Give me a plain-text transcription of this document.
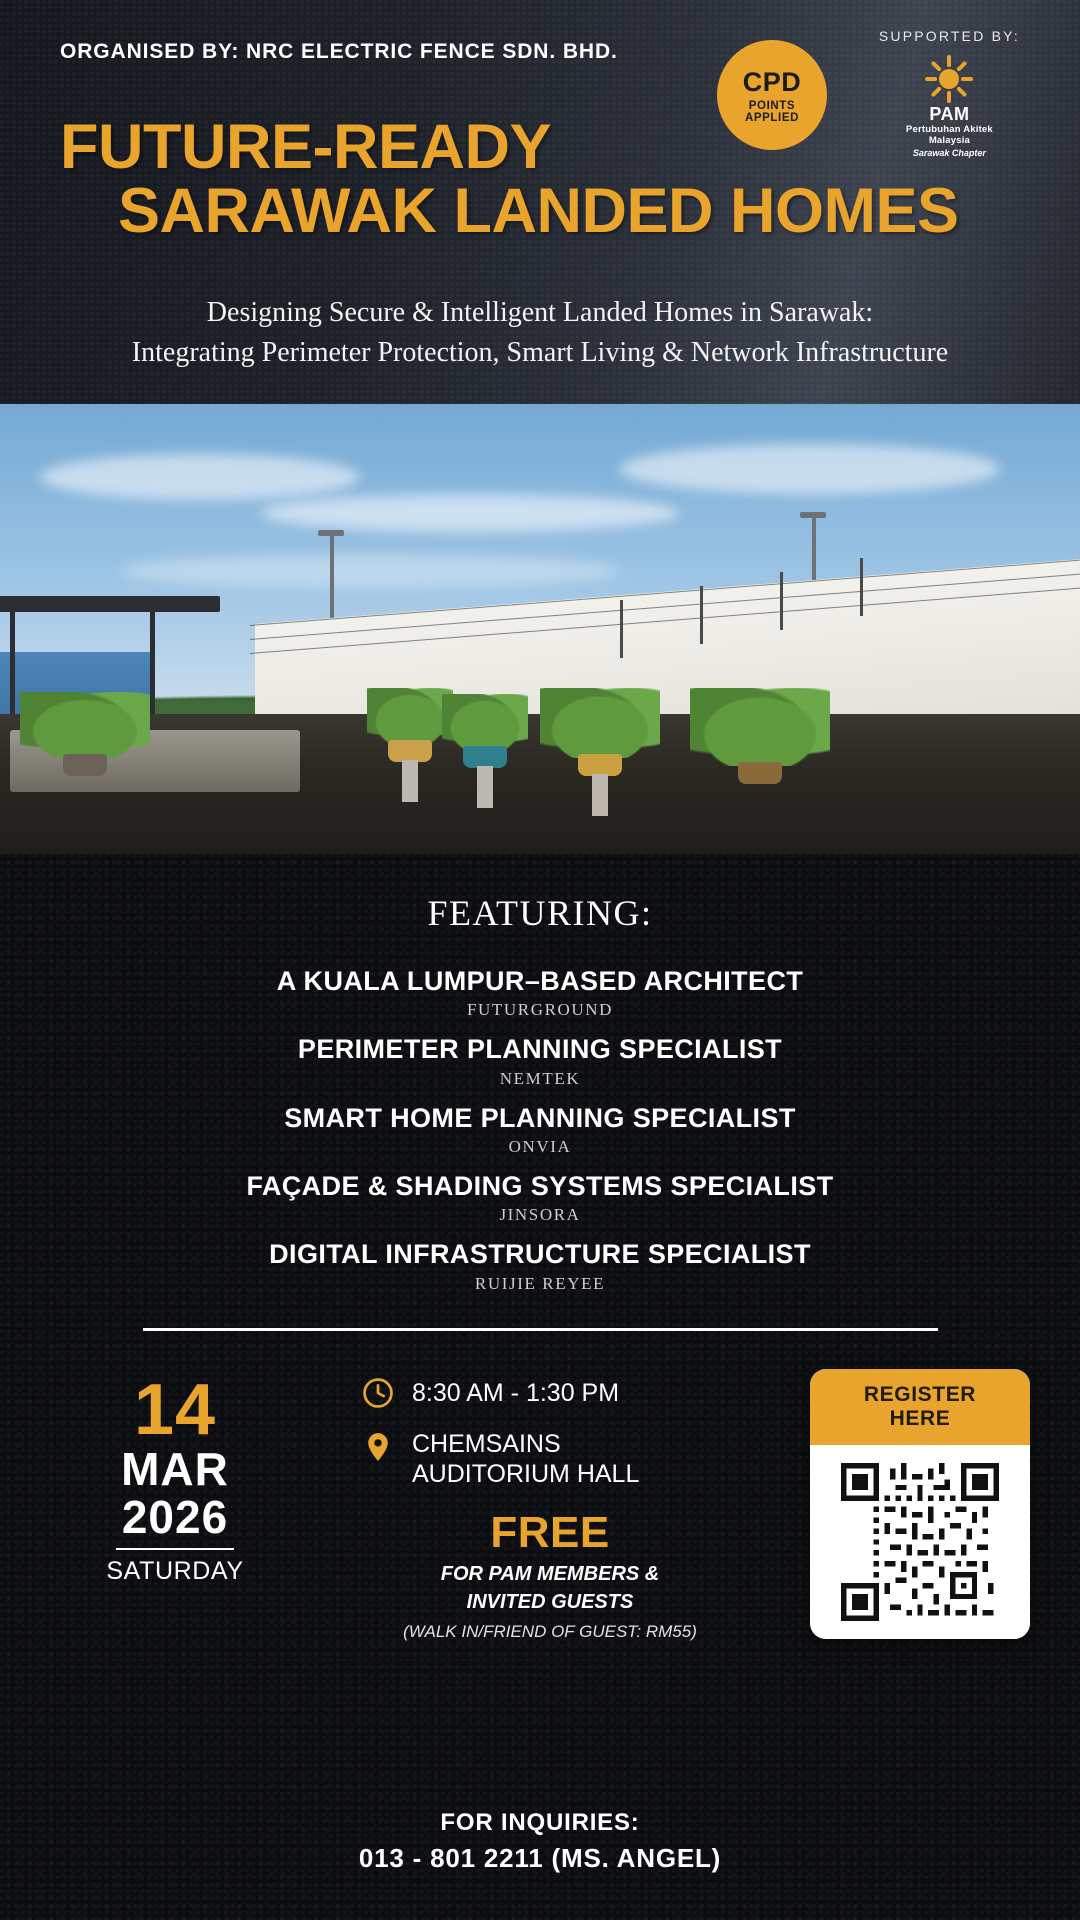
ORGANISED BY: NRC ELECTRIC FENCE SDN. BHD.
FUTURE-READY
SARAWAK LANDED HOMES
Designing Secure & Intelligent Landed Homes in Sarawak:
Integrating Perimeter Protection, Smart Living & Network Infrastructure
CPD
POINTS
APPLIED
SUPPORTED BY:
PAM
Pertubuhan Akitek
Malaysia
Sarawak Chapter
FEATURING:
A KUALA LUMPUR–BASED ARCHITECT
FUTURGROUND
PERIMETER PLANNING SPECIALIST
NEMTEK
SMART HOME PLANNING SPECIALIST
ONVIA
FAÇADE & SHADING SYSTEMS SPECIALIST
JINSORA
DIGITAL INFRASTRUCTURE SPECIALIST
RUIJIE REYEE
14
MAR
2026
SATURDAY
8:30 AM - 1:30 PM
CHEMSAINS
AUDITORIUM HALL
FREE
FOR PAM MEMBERS &
INVITED GUESTS
(WALK IN/FRIEND OF GUEST: RM55)
REGISTER
HERE
FOR INQUIRIES:
013 - 801 2211 (MS. ANGEL)
